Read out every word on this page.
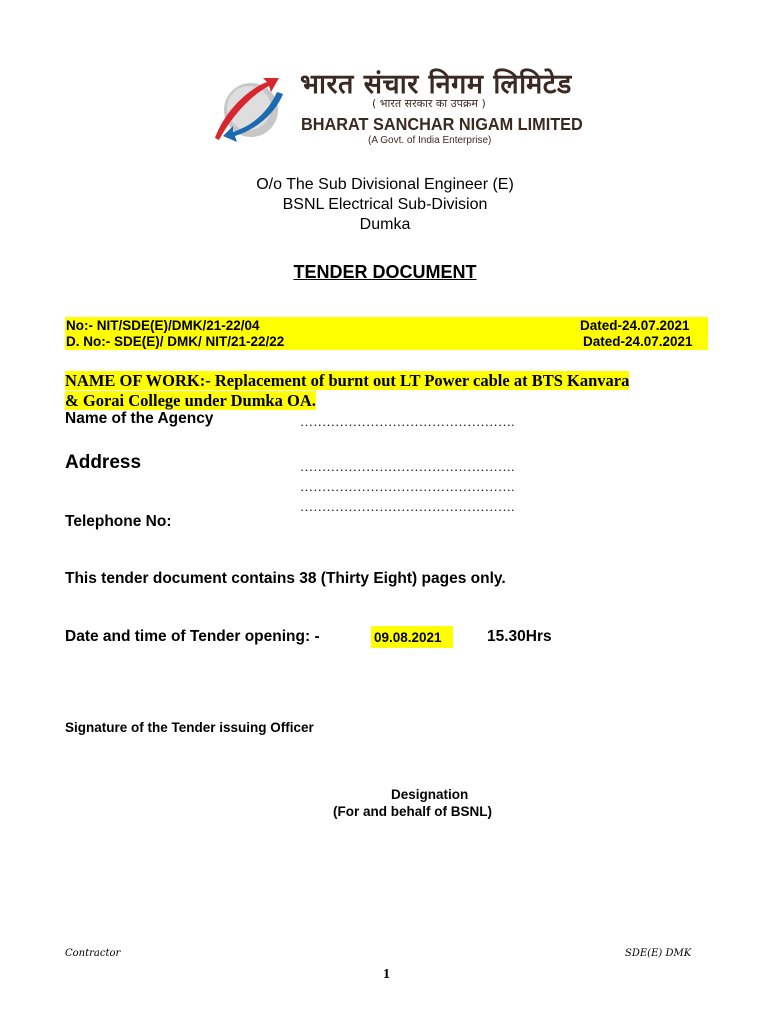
भारत संचार निगम लिमिटेड
( भारत सरकार का उपक्रम )
BHARAT SANCHAR NIGAM LIMITED
(A Govt. of India Enterprise)
O/o The Sub Divisional Engineer (E)
BSNL Electrical Sub-Division
Dumka
TENDER DOCUMENT
No:- NIT/SDE(E)/DMK/21-22/04	Dated-24.07.2021
D. No:- SDE(E)/ DMK/ NIT/21-22/22	Dated-24.07.2021
NAME OF WORK:- Replacement of burnt out LT Power cable at BTS Kanvara
& Gorai College under Dumka OA.
Name of the Agency	………………………………………….
Address	………………………………………….
………………………………………….
………………………………………….
Telephone No:
This tender document contains 38 (Thirty Eight) pages only.
Date and time of Tender opening: -	09.08.2021	15.30Hrs
Signature of the Tender issuing Officer
Designation
(For and behalf of BSNL)
Contractor	SDE(E) DMK
1
